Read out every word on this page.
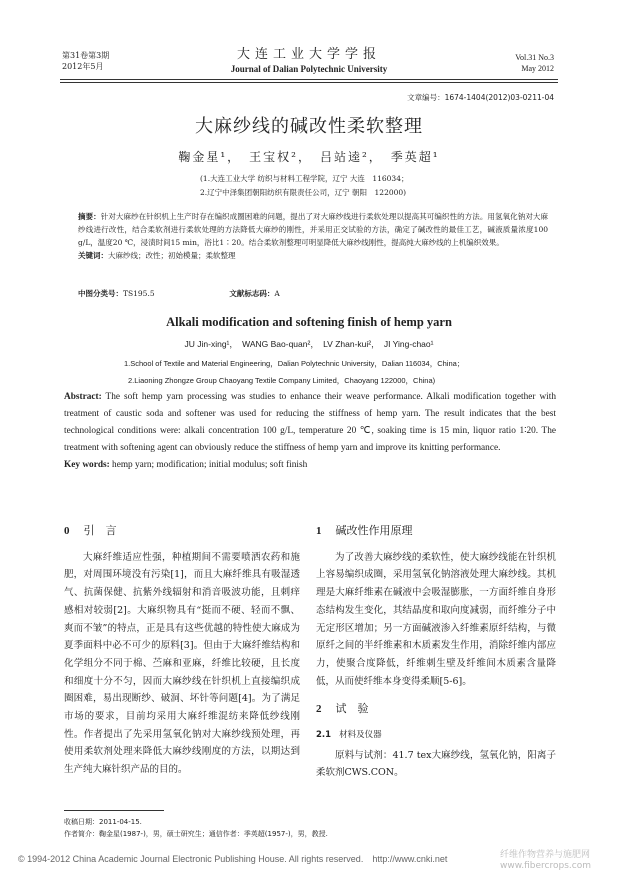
第31卷第3期
2012年5月
大连工业大学学报
Journal of Dalian Polytechnic University
Vol.31 No.3
May 2012
文章编号：1674-1404(2012)03-0211-04
大麻纱线的碱改性柔软整理
鞠金星¹，　王宝权²，　吕站逵²，　季英超¹
(1.大连工业大学 纺织与材料工程学院，辽宁 大连　116034；
2.辽宁中泽集团朝阳纺织有限责任公司，辽宁 朝阳　122000)
摘要：针对大麻纱在针织机上生产时存在编织成圈困难的问题，提出了对大麻纱线进行柔软处理以提高其可编织性的方法。用氢氧化钠对大麻纱线进行改性，结合柔软剂进行柔软处理的方法降低大麻纱的刚性，并采用正交试验的方法，确定了碱改性的最佳工艺，碱液质量浓度100 g/L，温度20 ℃，浸渍时间15 min，浴比1∶20。结合柔软剂整理可明显降低大麻纱线刚性，提高纯大麻纱线的上机编织效果。
关键词：大麻纱线；改性；初始模量；柔软整理
中图分类号：TS195.5	文献标志码：A
Alkali modification and softening finish of hemp yarn
JU Jin-xing¹，　WANG Bao-quan²，　LV Zhan-kui²，　JI Ying-chao¹
1.School of Textile and Material Engineering，Dalian Polytechnic University，Dalian 116034，China；
2.Liaoning Zhongze Group Chaoyang Textile Company Limited，Chaoyang 122000，China)
Abstract: The soft hemp yarn processing was studies to enhance their weave performance. Alkali modification together with treatment of caustic soda and softener was used for reducing the stiffness of hemp yarn. The result indicates that the best technological conditions were: alkali concentration 100 g/L, temperature 20 ℃, soaking time is 15 min, liquor ratio 1∶20. The treatment with softening agent can obviously reduce the stiffness of hemp yarn and improve its knitting performance.
Key words: hemp yarn; modification; initial modulus; soft finish
0 引　言

大麻纤维适应性强，种植期间不需要喷洒农药和施肥，对周围环境没有污染[1]，而且大麻纤维具有吸湿透气、抗菌保健、抗紫外线辐射和消音吸波功能，且刺痒感相对较弱[2]。大麻织物具有“挺而不硬、轻而不飘、爽而不皱”的特点，正是具有这些优越的特性使大麻成为夏季面料中必不可少的原料[3]。但由于大麻纤维结构和化学组分不同于棉、苎麻和亚麻，纤维比较硬，且长度和细度十分不匀，因而大麻纱线在针织机上直接编织成圈困难，易出现断纱、破洞、坏针等问题[4]。为了满足市场的要求，目前均采用大麻纤维混纺来降低纱线刚性。作者提出了先采用氢氧化钠对大麻纱线预处理，再使用柔软剂处理来降低大麻纱线刚度的方法，以期达到生产纯大麻针织产品的目的。

1 碱改性作用原理

为了改善大麻纱线的柔软性，使大麻纱线能在针织机上容易编织成圈，采用氢氧化钠溶液处理大麻纱线。其机理是大麻纤维素在碱液中会吸湿膨胀，一方面纤维自身形态结构发生变化，其结晶度和取向度减弱，而纤维分子中无定形区增加；另一方面碱液渗入纤维素原纤结构，与微原纤之间的半纤维素和木质素发生作用，消除纤维内部应力，使聚合度降低，纤维刺生壁及纤维间木质素含量降低，从而使纤维本身变得柔顺[5-6]。

2 试　验
2.1 材料及仪器

原料与试剂：41.7 tex大麻纱线，氢氧化钠，阳离子柔软剂CWS.CON。

收稿日期：2011-04-15.
作者简介：鞠金星(1987-)，男，硕士研究生；通信作者：季英超(1957-)，男，教授.
© 1994-2012 China Academic Journal Electronic Publishing House. All rights reserved.　http://www.cnki.net	纤维作物营养与施肥网 www.fibercrops.com
